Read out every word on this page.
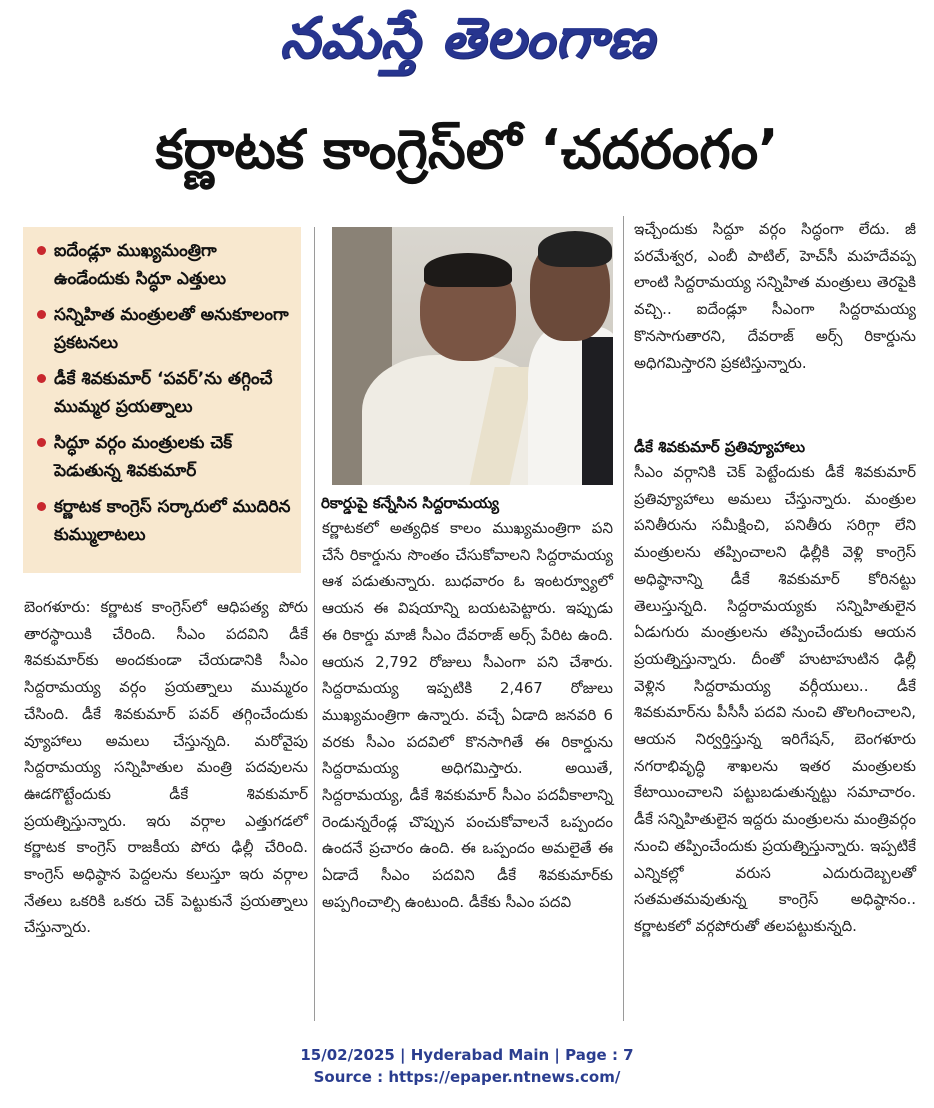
నమస్తే తెలంగాణ
కర్ణాటక కాంగ్రెస్‌లో ‘చదరంగం’
ఐదేండ్లూ ముఖ్యమంత్రిగా ఉండేందుకు సిద్ధూ ఎత్తులు
సన్నిహిత మంత్రులతో అనుకూలంగా ప్రకటనలు
డీకే శివకుమార్ ‘పవర్’ను తగ్గించే ముమ్మర ప్రయత్నాలు
సిద్ధూ వర్గం మంత్రులకు చెక్ పెడుతున్న శివకుమార్
కర్ణాటక కాంగ్రెస్ సర్కారులో ముదిరిన కుమ్ములాటలు
రికార్డుపై కన్నేసిన సిద్దరామయ్య
బెంగళూరు: కర్ణాటక కాంగ్రెస్‌లో ఆధిపత్య పోరు తారస్థాయికి చేరింది. సీఎం పదవిని డీకే శివకుమార్‌కు అందకుండా చేయడానికి సీఎం సిద్దరామయ్య వర్గం ప్రయత్నాలు ముమ్మరం చేసింది. డీకే శివకుమార్ పవర్ తగ్గించేందుకు వ్యూహాలు అమలు చేస్తున్నది. మరోవైపు సిద్దరామయ్య సన్నిహితుల మంత్రి పదవులను ఊడగొట్టేందుకు డీకే శివకుమార్ ప్రయత్నిస్తున్నారు. ఇరు వర్గాల ఎత్తుగడలో కర్ణాటక కాంగ్రెస్ రాజకీయ పోరు ఢిల్లీ చేరింది. కాంగ్రెస్ అధిష్ఠాన పెద్దలను కలుస్తూ ఇరు వర్గాల నేతలు ఒకరికి ఒకరు చెక్ పెట్టుకునే ప్రయత్నాలు చేస్తున్నారు.
కర్ణాటకలో అత్యధిక కాలం ముఖ్యమంత్రిగా పని చేసే రికార్డును సొంతం చేసుకోవాలని సిద్దరామయ్య ఆశ పడుతున్నారు. బుధవారం ఓ ఇంటర్వ్యూలో ఆయన ఈ విషయాన్ని బయటపెట్టారు. ఇప్పుడు ఈ రికార్డు మాజీ సీఎం దేవరాజ్ అర్స్ పేరిట ఉంది. ఆయన 2,792 రోజులు సీఎంగా పని చేశారు. సిద్దరామయ్య ఇప్పటికి 2,467 రోజులు ముఖ్యమంత్రిగా ఉన్నారు. వచ్చే ఏడాది జనవరి 6 వరకు సీఎం పదవిలో కొనసాగితే ఈ రికార్డును సిద్దరామయ్య అధిగమిస్తారు. అయితే, సిద్దరామయ్య, డీకే శివకుమార్ సీఎం పదవీకాలాన్ని రెండున్నరేండ్ల చొప్పున పంచుకోవాలనే ఒప్పందం ఉందనే ప్రచారం ఉంది. ఈ ఒప్పందం అమలైతే ఈ ఏడాదే సీఎం పదవిని డీకే శివకుమార్‌కు అప్పగించాల్సి ఉంటుంది. డీకేకు సీఎం పదవి
ఇచ్చేందుకు సిద్దూ వర్గం సిద్ధంగా లేదు. జీ పరమేశ్వర, ఎంబీ పాటిల్, హెచ్‌సీ మహదేవప్ప లాంటి సిద్దరామయ్య సన్నిహిత మంత్రులు తెరపైకి వచ్చి.. ఐదేండ్లూ సీఎంగా సిద్దరామయ్య కొనసాగుతారని, దేవరాజ్ అర్స్ రికార్డును అధిగమిస్తారని ప్రకటిస్తున్నారు.
డీకే శివకుమార్ ప్రతివ్యూహాలు
సీఎం వర్గానికి చెక్ పెట్టేందుకు డీకే శివకుమార్ ప్రతివ్యూహాలు అమలు చేస్తున్నారు. మంత్రుల పనితీరును సమీక్షించి, పనితీరు సరిగ్గా లేని మంత్రులను తప్పించాలని ఢిల్లీకి వెళ్లి కాంగ్రెస్ అధిష్ఠానాన్ని డీకే శివకుమార్ కోరినట్టు తెలుస్తున్నది. సిద్దరామయ్యకు సన్నిహితులైన ఏడుగురు మంత్రులను తప్పించేందుకు ఆయన ప్రయత్నిస్తున్నారు. దీంతో హుటాహుటిన ఢిల్లీ వెళ్లిన సిద్దరామయ్య వర్గీయులు.. డీకే శివకుమార్‌ను పీసీసీ పదవి నుంచి తొలగించాలని, ఆయన నిర్వర్తిస్తున్న ఇరిగేషన్, బెంగళూరు నగరాభివృద్ధి శాఖలను ఇతర మంత్రులకు కేటాయించాలని పట్టుబడుతున్నట్టు సమాచారం. డీకే సన్నిహితులైన ఇద్దరు మంత్రులను మంత్రివర్గం నుంచి తప్పించేందుకు ప్రయత్నిస్తున్నారు. ఇప్పటికే ఎన్నికల్లో వరుస ఎదురుదెబ్బలతో సతమతమవుతున్న కాంగ్రెస్ అధిష్ఠానం.. కర్ణాటకలో వర్గపోరుతో తలపట్టుకున్నది.
15/02/2025 | Hyderabad Main | Page : 7
Source : https://epaper.ntnews.com/
